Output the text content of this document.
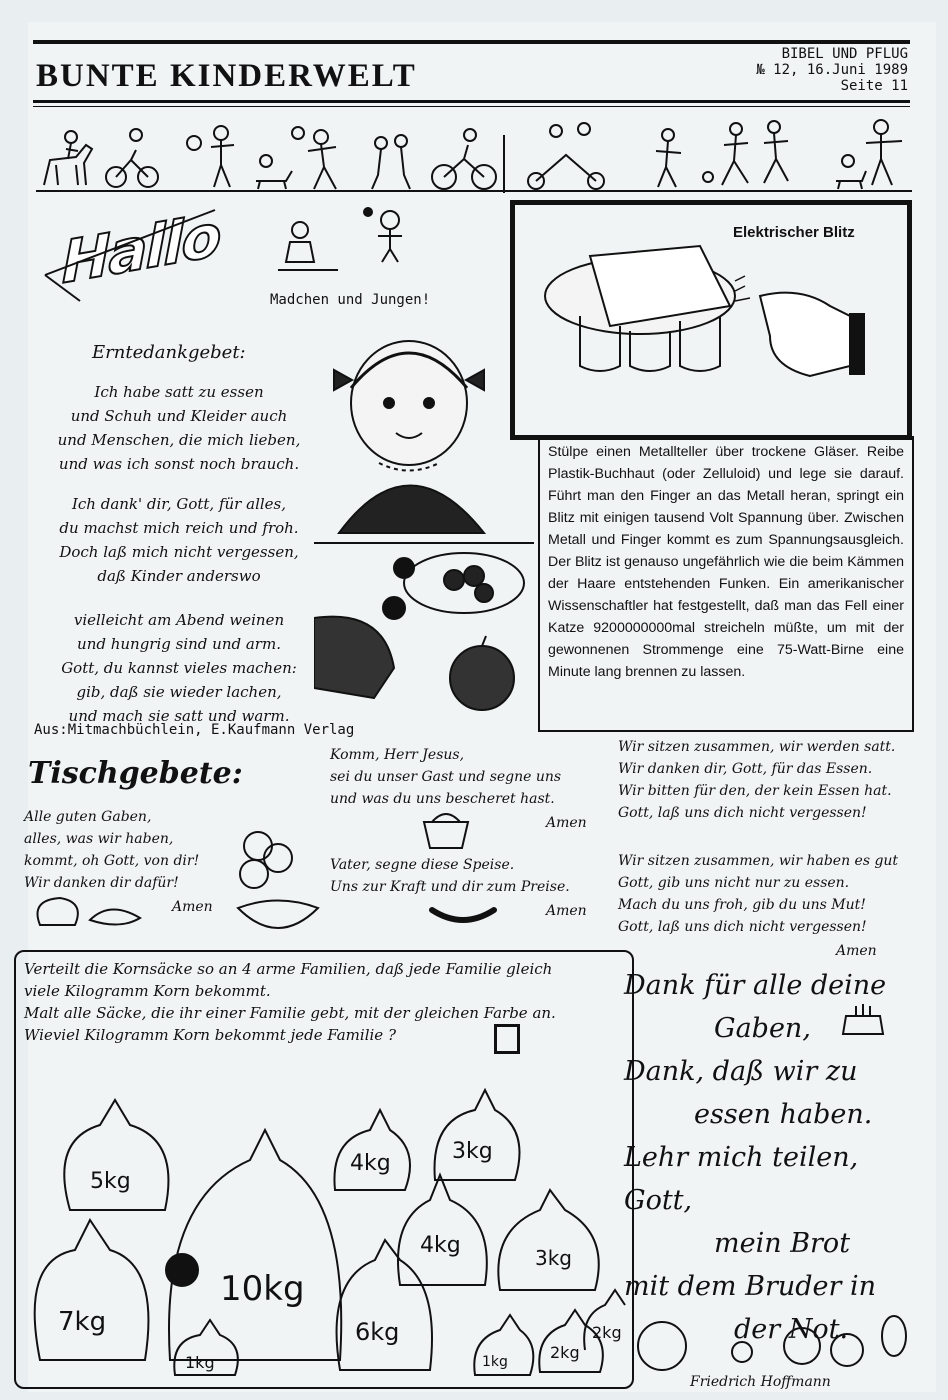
BUNTE KINDERWELT
BIBEL UND PFLUG
№ 12, 16.Juni 1989
Seite 11
Hallo
Madchen und Jungen!
Erntedankgebet:
Ich habe satt zu essen
und Schuh und Kleider auch
und Menschen, die mich lieben,
und was ich sonst noch brauch.
Ich dank' dir, Gott, für alles,
du machst mich reich und froh.
Doch laß mich nicht vergessen,
daß Kinder anderswo
vielleicht am Abend weinen
und hungrig sind und arm.
Gott, du kannst vieles machen:
gib, daß sie wieder lachen,
und mach sie satt und warm.
Aus:Mitmachbüchlein, E.Kaufmann Verlag
Elektrischer Blitz
Stülpe einen Metallteller über trockene Gläser. Reibe Plastik-Buchhaut (oder Zelluloid) und lege sie darauf. Führt man den Finger an das Metall heran, springt ein Blitz mit einigen tausend Volt Spannung über. Zwischen Metall und Finger kommt es zum Spannungsausgleich. Der Blitz ist genauso ungefährlich wie die beim Kämmen der Haare entstehenden Funken. Ein amerikanischer Wissenschaftler hat festgestellt, daß man das Fell einer Katze 9200000000mal streicheln müßte, um mit der gewonnenen Strommenge eine 75-Watt-Birne eine Minute lang brennen zu lassen.
Tischgebete:
Alle guten Gaben,
alles, was wir haben,
kommt, oh Gott, von dir!
Wir danken dir dafür!
Amen
Komm, Herr Jesus,
sei du unser Gast und segne uns
und was du uns bescheret hast.
Amen
Vater, segne diese Speise.
Uns zur Kraft und dir zum Preise.
Amen
Wir sitzen zusammen, wir werden satt.
Wir danken dir, Gott, für das Essen.
Wir bitten für den, der kein Essen hat.
Gott, laß uns dich nicht vergessen!
Wir sitzen zusammen, wir haben es gut
Gott, gib uns nicht nur zu essen.
Mach du uns froh, gib du uns Mut!
Gott, laß uns dich nicht vergessen!
Amen
Verteilt die Kornsäcke so an 4 arme Familien, daß jede Familie gleich
viele Kilogramm Korn bekommt.
Malt alle Säcke, die ihr einer Familie gebt, mit der gleichen Farbe an.
Wieviel Kilogramm Korn bekommt jede Familie ?
5kg
7kg
10kg
1kg
4kg	3kg
4kg	3kg
6kg
1kg	2kg
2kg
Dank für alle deine
Gaben,
Dank, daß wir zu
essen haben.
Lehr mich teilen, Gott,
mein Brot
mit dem Bruder in
der Not.
Friedrich Hoffmann
